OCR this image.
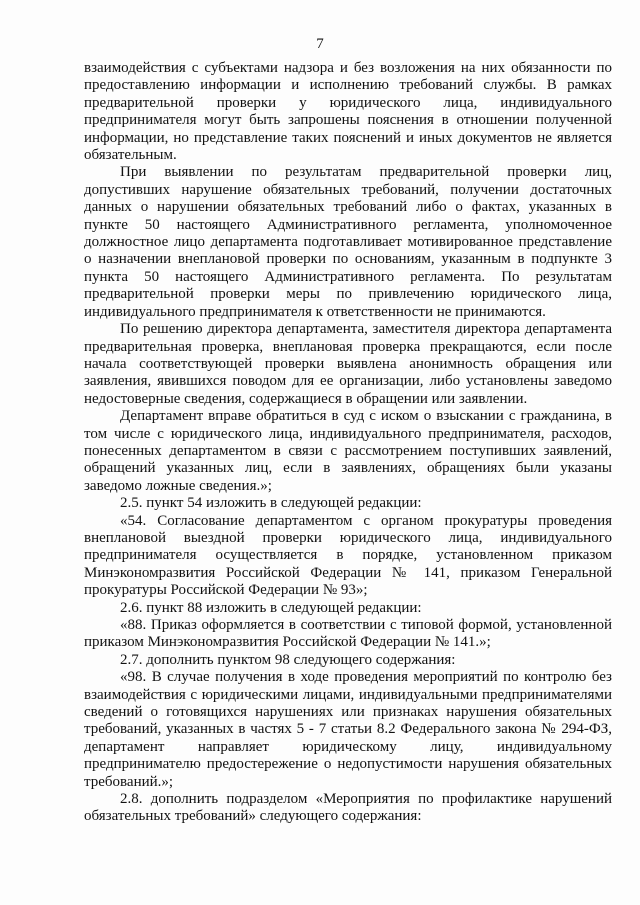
7

взаимодействия с субъектами надзора и без возложения на них обязанности по предоставлению информации и исполнению требований службы. В рамках предварительной проверки у юридического лица, индивидуального предпринимателя могут быть запрошены пояснения в отношении полученной информации, но представление таких пояснений и иных документов не является обязательным.

При выявлении по результатам предварительной проверки лиц, допустивших нарушение обязательных требований, получении достаточных данных о нарушении обязательных требований либо о фактах, указанных в пункте 50 настоящего Административного регламента, уполномоченное должностное лицо департамента подготавливает мотивированное представление о назначении внеплановой проверки по основаниям, указанным в подпункте 3 пункта 50 настоящего Административного регламента. По результатам предварительной проверки меры по привлечению юридического лица, индивидуального предпринимателя к ответственности не принимаются.

По решению директора департамента, заместителя директора департамента предварительная проверка, внеплановая проверка прекращаются, если после начала соответствующей проверки выявлена анонимность обращения или заявления, явившихся поводом для ее организации, либо установлены заведомо недостоверные сведения, содержащиеся в обращении или заявлении.

Департамент вправе обратиться в суд с иском о взыскании с гражданина, в том числе с юридического лица, индивидуального предпринимателя, расходов, понесенных департаментом в связи с рассмотрением поступивших заявлений, обращений указанных лиц, если в заявлениях, обращениях были указаны заведомо ложные сведения.»;

2.5. пункт 54 изложить в следующей редакции:

«54. Согласование департаментом с органом прокуратуры проведения внеплановой выездной проверки юридического лица, индивидуального предпринимателя осуществляется в порядке, установленном приказом Минэкономразвития Российской Федерации № 141, приказом Генеральной прокуратуры Российской Федерации № 93»;

2.6. пункт 88 изложить в следующей редакции:

«88. Приказ оформляется в соответствии с типовой формой, установленной приказом Минэкономразвития Российской Федерации № 141.»;

2.7. дополнить пунктом 98 следующего содержания:

«98. В случае получения в ходе проведения мероприятий по контролю без взаимодействия с юридическими лицами, индивидуальными предпринимателями сведений о готовящихся нарушениях или признаках нарушения обязательных требований, указанных в частях 5 - 7 статьи 8.2 Федерального закона № 294-ФЗ, департамент направляет юридическому лицу, индивидуальному предпринимателю предостережение о недопустимости нарушения обязательных требований.»;

2.8. дополнить подразделом «Мероприятия по профилактике нарушений обязательных требований» следующего содержания:
